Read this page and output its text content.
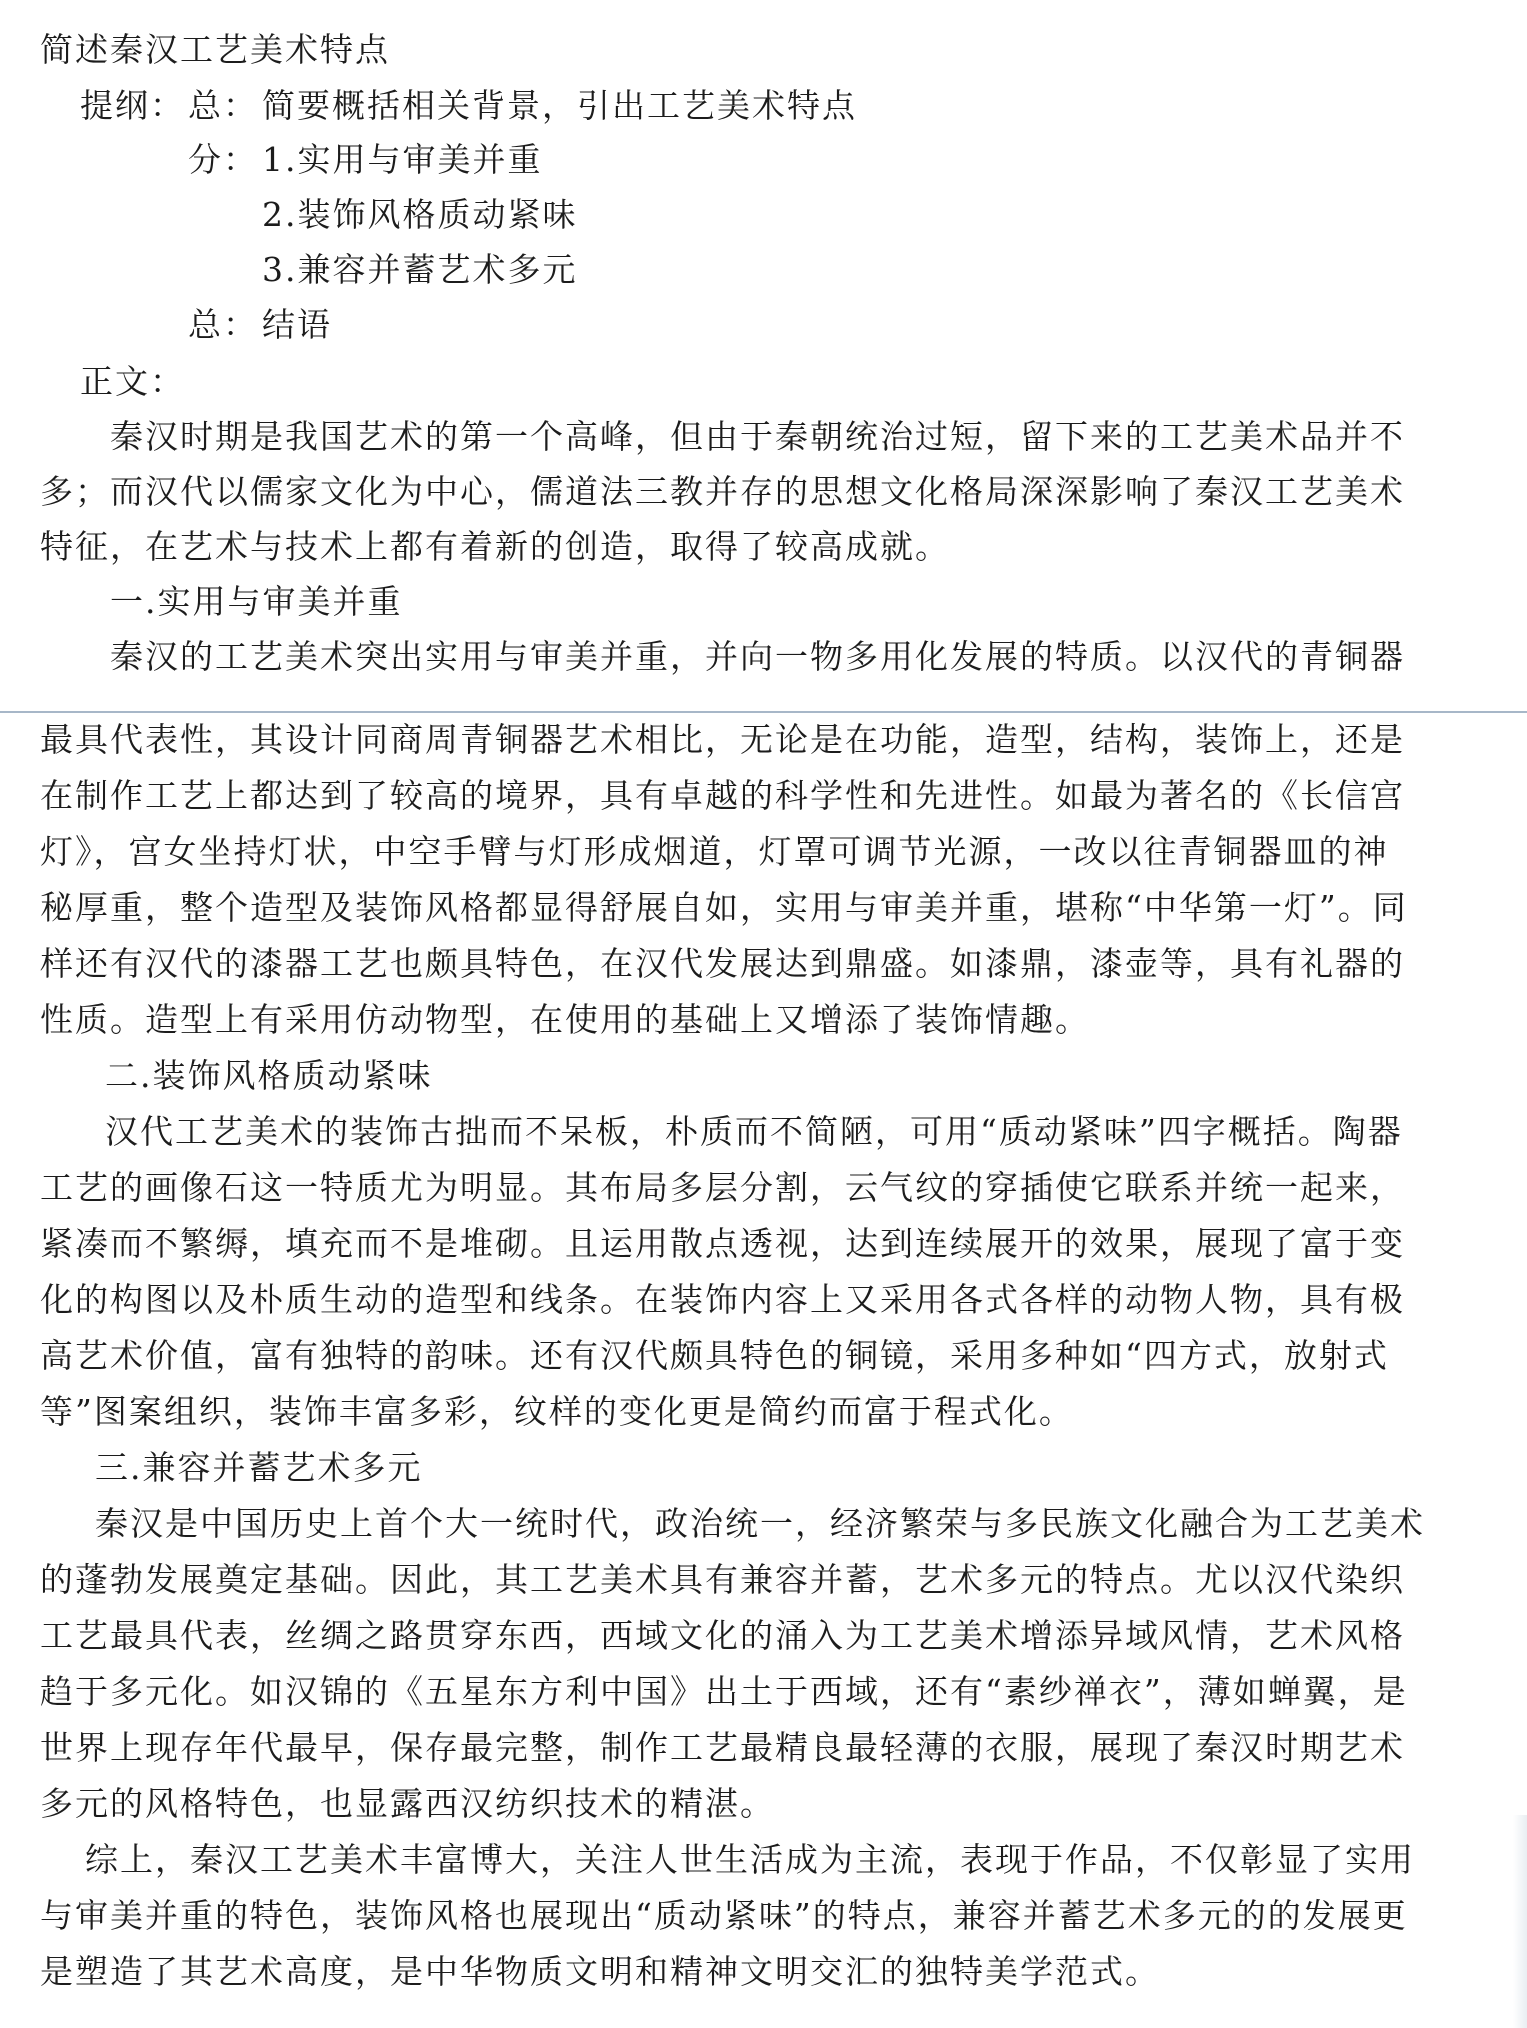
简述秦汉工艺美术特点
提纲： 总： 简要概括相关背景，引出工艺美术特点
分： 1.实用与审美并重
2.装饰风格质动紧味
3.兼容并蓄艺术多元
总： 结语
正文：
秦汉时期是我国艺术的第一个高峰，但由于秦朝统治过短，留下来的工艺美术品并不
多；而汉代以儒家文化为中心，儒道法三教并存的思想文化格局深深影响了秦汉工艺美术
特征，在艺术与技术上都有着新的创造，取得了较高成就。
一.实用与审美并重
秦汉的工艺美术突出实用与审美并重，并向一物多用化发展的特质。以汉代的青铜器
最具代表性，其设计同商周青铜器艺术相比，无论是在功能，造型，结构，装饰上，还是
在制作工艺上都达到了较高的境界，具有卓越的科学性和先进性。如最为著名的《长信宫
灯》，宫女坐持灯状，中空手臂与灯形成烟道，灯罩可调节光源，一改以往青铜器皿的神
秘厚重，整个造型及装饰风格都显得舒展自如，实用与审美并重，堪称“中华第一灯”。同
样还有汉代的漆器工艺也颇具特色，在汉代发展达到鼎盛。如漆鼎，漆壶等，具有礼器的
性质。造型上有采用仿动物型，在使用的基础上又增添了装饰情趣。
二.装饰风格质动紧味
汉代工艺美术的装饰古拙而不呆板，朴质而不简陋，可用“质动紧味”四字概括。陶器
工艺的画像石这一特质尤为明显。其布局多层分割，云气纹的穿插使它联系并统一起来，
紧凑而不繁缛，填充而不是堆砌。且运用散点透视，达到连续展开的效果，展现了富于变
化的构图以及朴质生动的造型和线条。在装饰内容上又采用各式各样的动物人物，具有极
高艺术价值，富有独特的韵味。还有汉代颇具特色的铜镜，采用多种如“四方式，放射式
等”图案组织，装饰丰富多彩，纹样的变化更是简约而富于程式化。
三.兼容并蓄艺术多元
秦汉是中国历史上首个大一统时代，政治统一，经济繁荣与多民族文化融合为工艺美术
的蓬勃发展奠定基础。因此，其工艺美术具有兼容并蓄，艺术多元的特点。尤以汉代染织
工艺最具代表，丝绸之路贯穿东西，西域文化的涌入为工艺美术增添异域风情，艺术风格
趋于多元化。如汉锦的《五星东方利中国》出土于西域，还有“素纱禅衣”，薄如蝉翼，是
世界上现存年代最早，保存最完整，制作工艺最精良最轻薄的衣服，展现了秦汉时期艺术
多元的风格特色，也显露西汉纺织技术的精湛。
综上，秦汉工艺美术丰富博大，关注人世生活成为主流，表现于作品，不仅彰显了实用
与审美并重的特色，装饰风格也展现出“质动紧味”的特点，兼容并蓄艺术多元的的发展更
是塑造了其艺术高度，是中华物质文明和精神文明交汇的独特美学范式。
